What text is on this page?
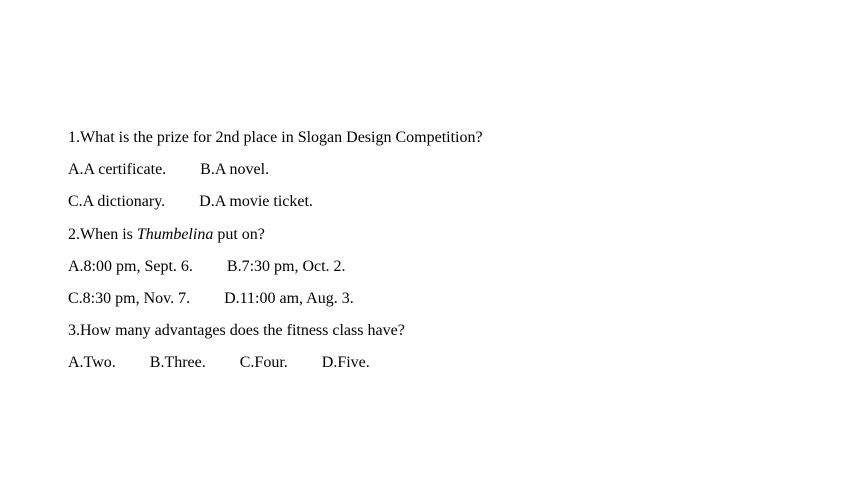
1.What is the prize for 2nd place in Slogan Design Competition?
A.A certificate. B.A novel.
C.A dictionary. D.A movie ticket.
2.When is Thumbelina put on?
A.8:00 pm, Sept. 6. B.7:30 pm, Oct. 2.
C.8:30 pm, Nov. 7. D.11:00 am, Aug. 3.
3.How many advantages does the fitness class have?
A.Two. B.Three. C.Four. D.Five.
